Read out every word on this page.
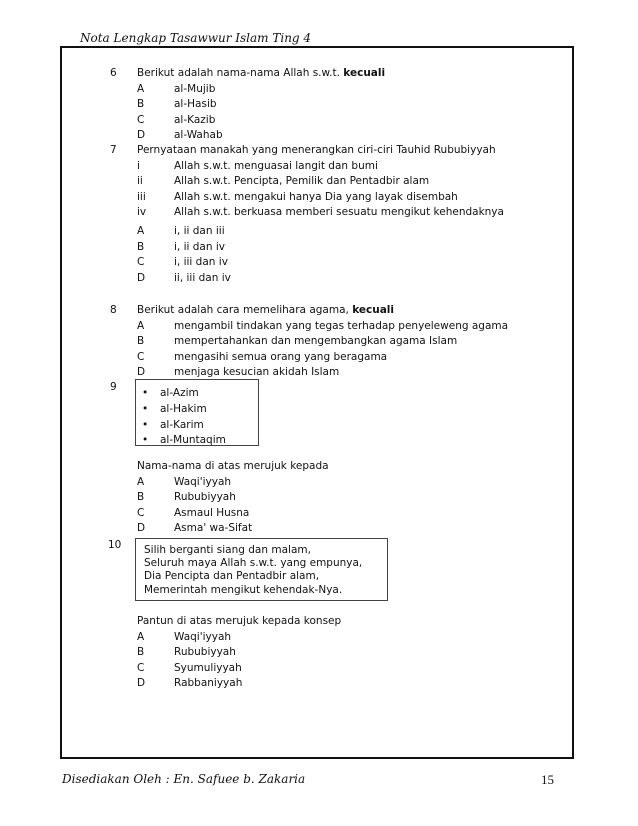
Nota Lengkap Tasawwur Islam Ting 4
6 Berikut adalah nama-nama Allah s.w.t. kecuali
A	al-Mujib
B	al-Hasib
C	al-Kazib
D	al-Wahab
7 Pernyataan manakah yang menerangkan ciri-ciri Tauhid Rububiyyah
i	Allah s.w.t. menguasai langit dan bumi
ii	Allah s.w.t. Pencipta, Pemilik dan Pentadbir alam
iii	Allah s.w.t. mengakui hanya Dia yang layak disembah
iv	Allah s.w.t. berkuasa memberi sesuatu mengikut kehendaknya
A	i, ii dan iii
B	i, ii dan iv
C	i, iii dan iv
D	ii, iii dan iv
8 Berikut adalah cara memelihara agama, kecuali
A	mengambil tindakan yang tegas terhadap penyeleweng agama
B	mempertahankan dan mengembangkan agama Islam
C	mengasihi semua orang yang beragama
D	menjaga kesucian akidah Islam
9
•	al-Azim
• al-Hakim
• al-Karim
• al-Muntaqim
Nama-nama di atas merujuk kepada
A	Waqi'iyyah
B	Rububiyyah
C	Asmaul Husna
D	Asma' wa-Sifat
10 Silih berganti siang dan malam,
Seluruh maya Allah s.w.t. yang empunya,
Dia Pencipta dan Pentadbir alam,
Memerintah mengikut kehendak-Nya.
Pantun di atas merujuk kepada konsep
A	Waqi'iyyah
B	Rububiyyah
C	Syumuliyyah
D	Rabbaniyyah
Disediakan Oleh : En. Safuee b. Zakaria	15
